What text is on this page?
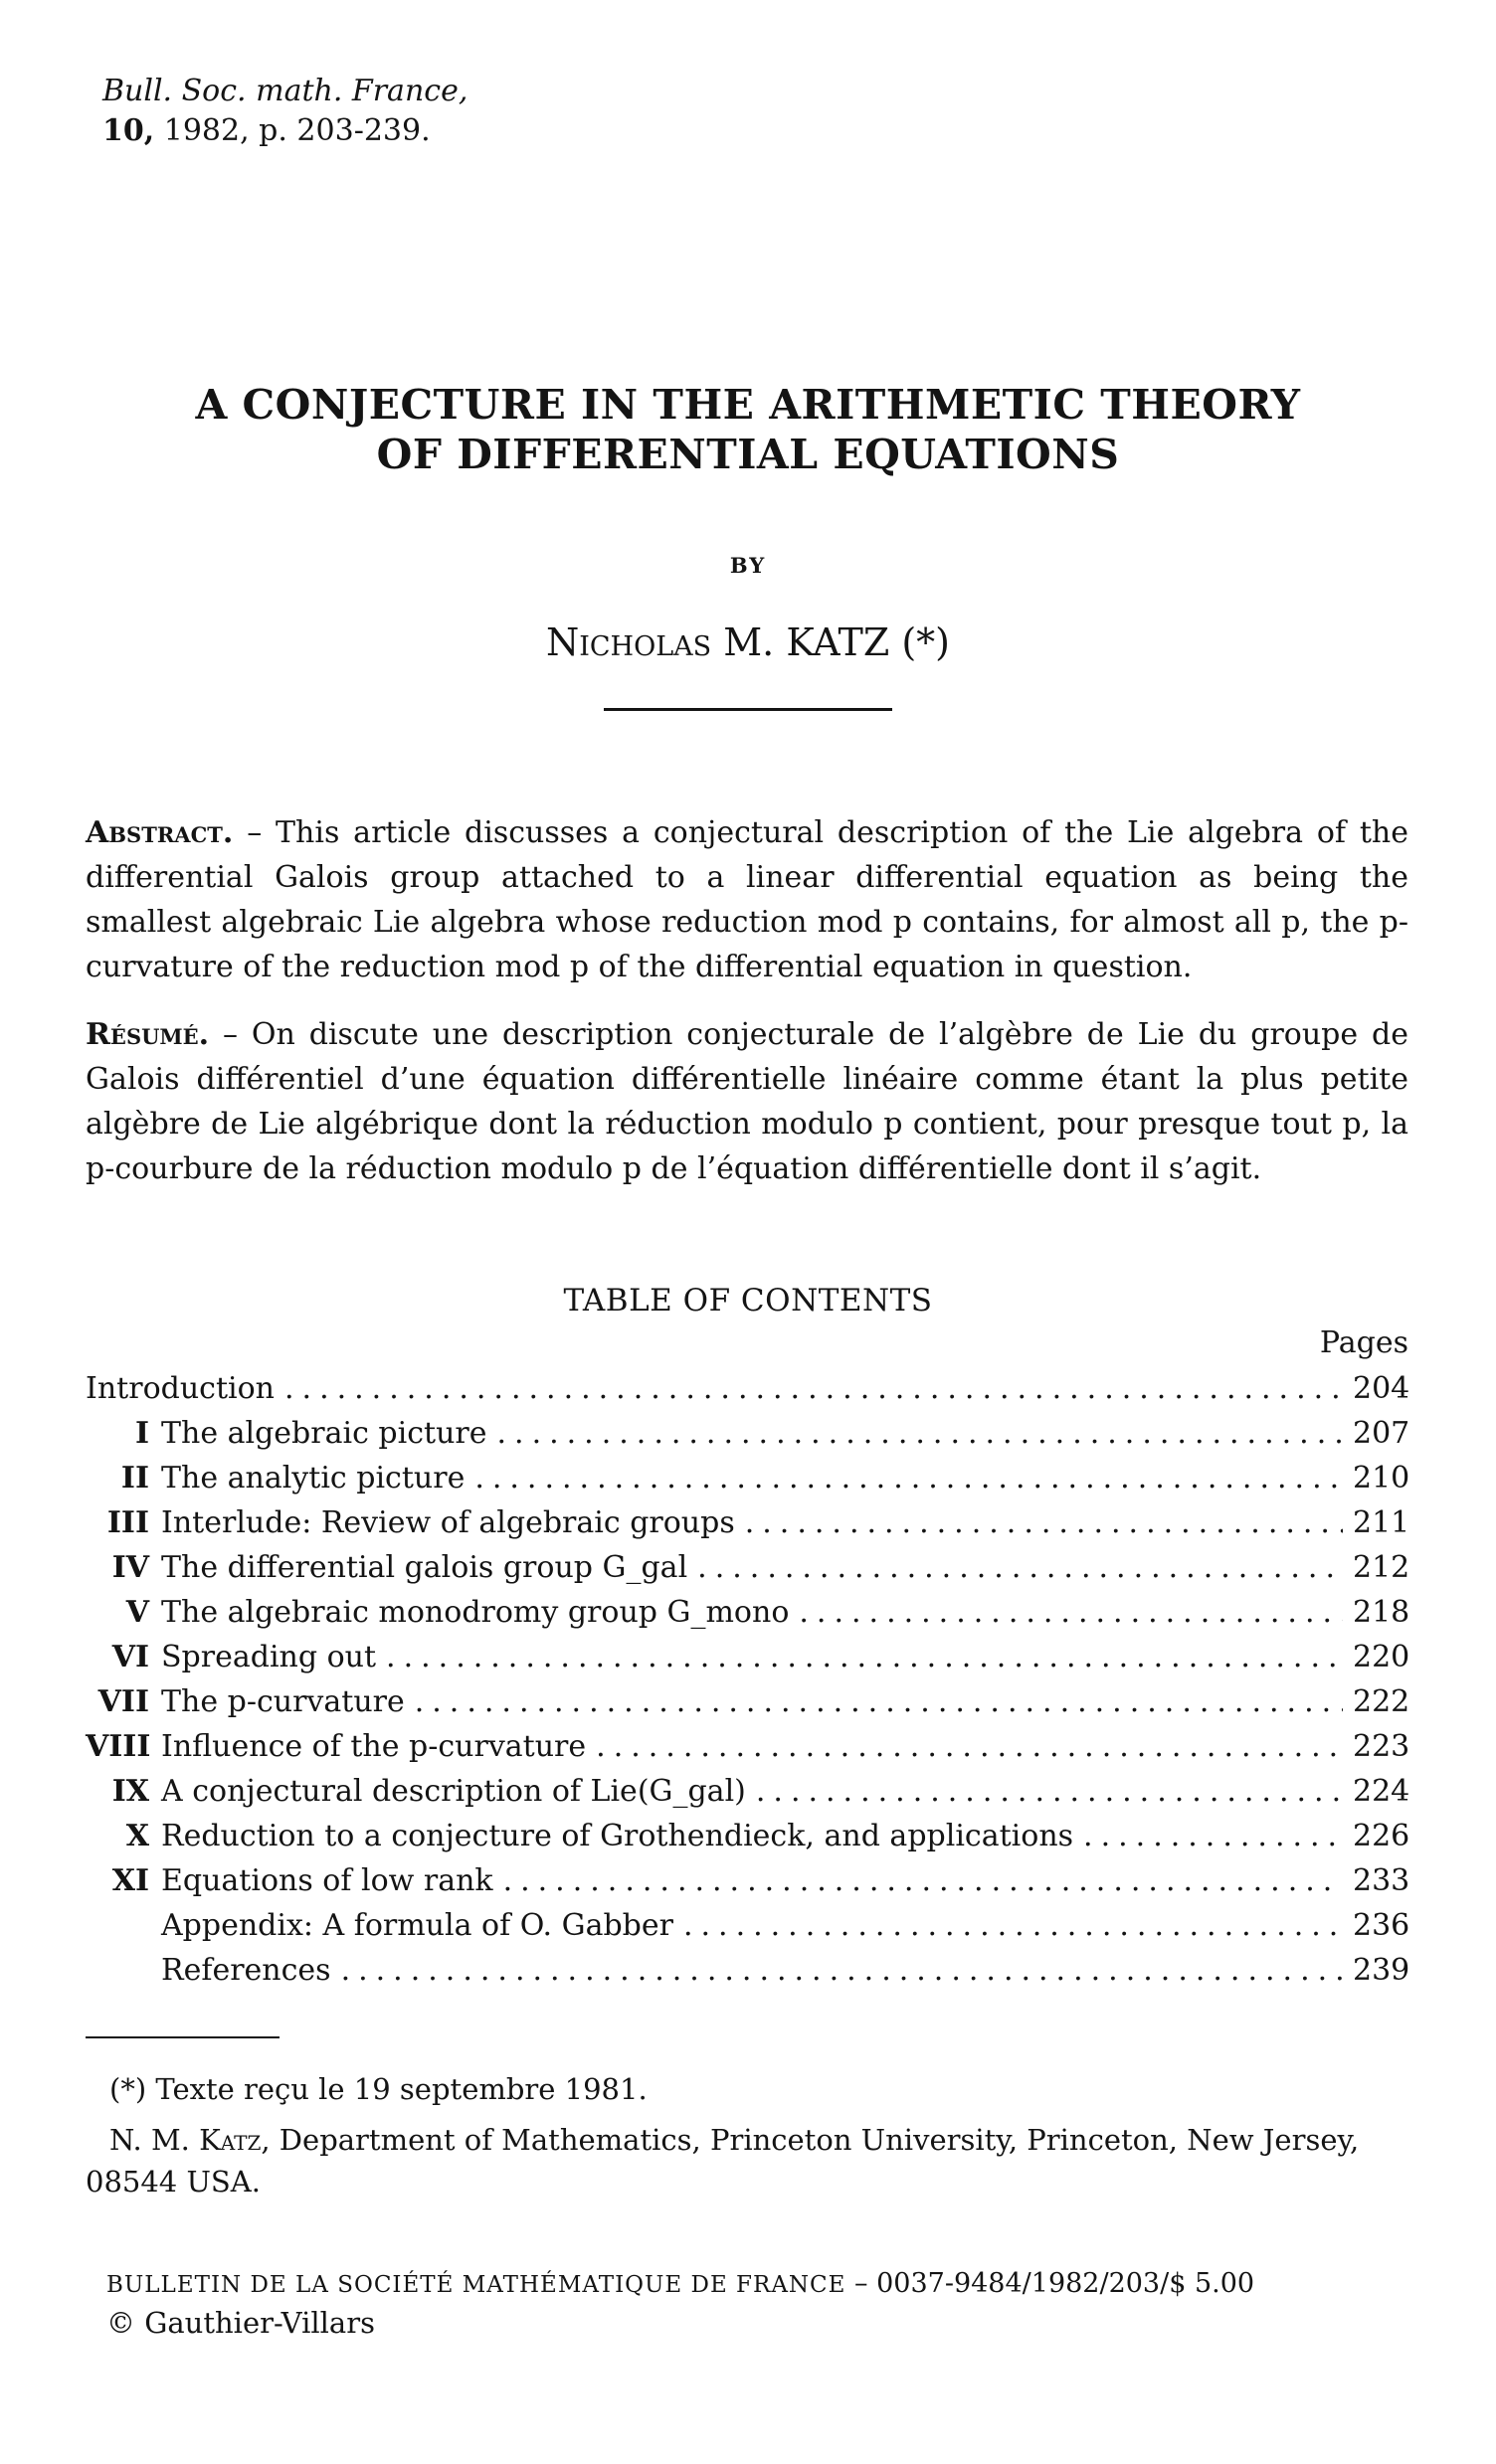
Bull. Soc. math. France,
10, 1982, p. 203-239.
A CONJECTURE IN THE ARITHMETIC THEORY
OF DIFFERENTIAL EQUATIONS
BY
Nicholas M. KATZ (*)
Abstract. – This article discusses a conjectural description of the Lie algebra of the differential Galois group attached to a linear differential equation as being the smallest algebraic Lie algebra whose reduction mod p contains, for almost all p, the p-curvature of the reduction mod p of the differential equation in question.
Résumé. – On discute une description conjecturale de l’algèbre de Lie du groupe de Galois différentiel d’une équation différentielle linéaire comme étant la plus petite algèbre de Lie algébrique dont la réduction modulo p contient, pour presque tout p, la p-courbure de la réduction modulo p de l’équation différentielle dont il s’agit.
TABLE OF CONTENTS
Pages
Introduction .....	204
I The algebraic picture .....	207
II The analytic picture .....	210
III Interlude: Review of algebraic groups .....	211
IV The differential galois group G_gal .....	212
V The algebraic monodromy group G_mono .....	218
VI Spreading out .....	220
VII The p-curvature .....	222
VIII Influence of the p-curvature .....	223
IX A conjectural description of Lie(G_gal) .....	224
X Reduction to a conjecture of Grothendieck, and applications .....	226
XI Equations of low rank .....	233
Appendix: A formula of O. Gabber .....	236
References .....	239
(*) Texte reçu le 19 septembre 1981.
N. M. Katz, Department of Mathematics, Princeton University, Princeton, New Jersey, 08544 USA.
BULLETIN DE LA SOCIÉTÉ MATHÉMATIQUE DE FRANCE – 0037-9484/1982/203/$ 5.00
© Gauthier-Villars
